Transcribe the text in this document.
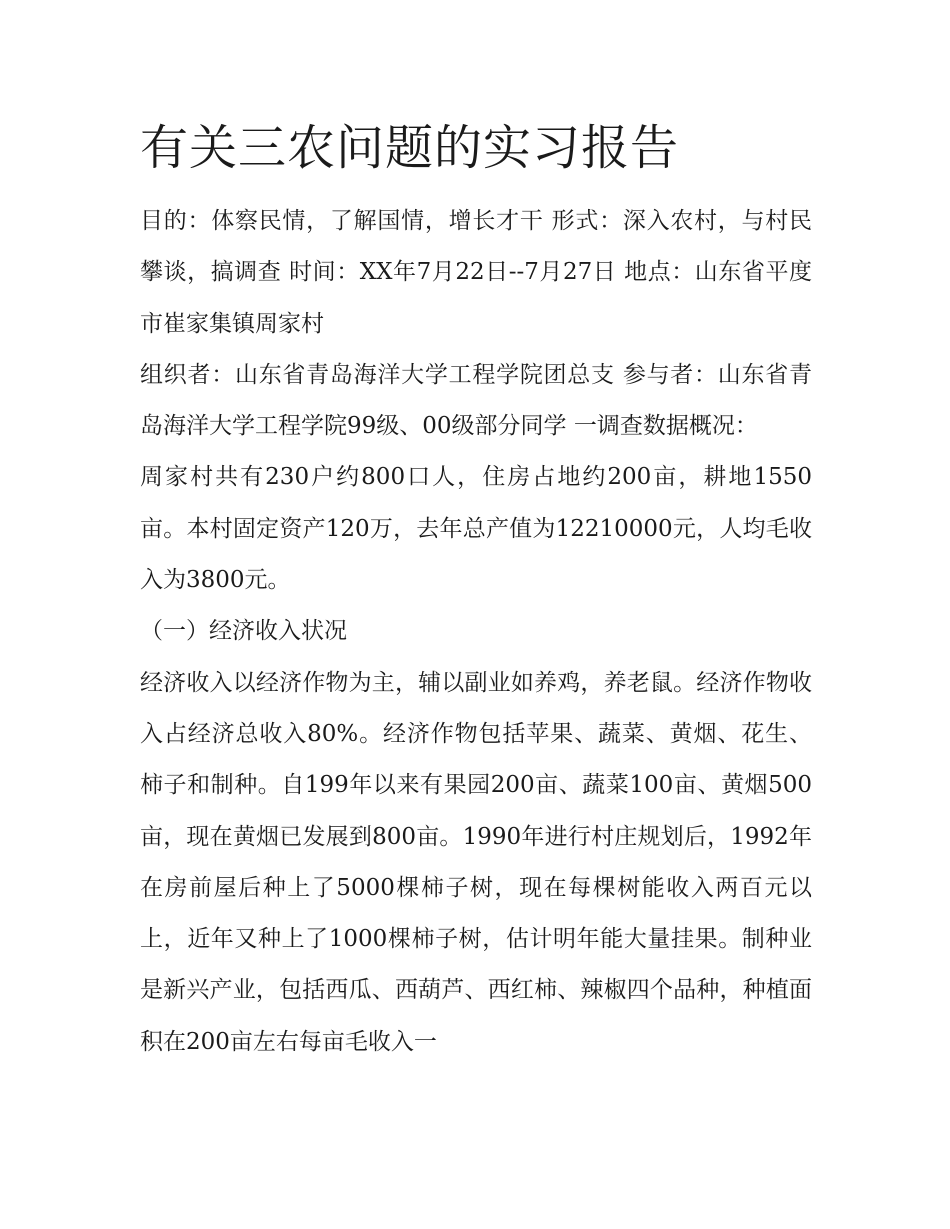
有关三农问题的实习报告

目的：体察民情，了解国情，增长才干 形式：深入农村，与村民攀谈，搞调查 时间：XX年7月22日--7月27日 地点：山东省平度市崔家集镇周家村

组织者：山东省青岛海洋大学工程学院团总支 参与者：山东省青岛海洋大学工程学院99级、00级部分同学 一调查数据概况：

周家村共有230户约800口人，住房占地约200亩，耕地1550亩。本村固定资产120万，去年总产值为12210000元，人均毛收入为3800元。

（一）经济收入状况

经济收入以经济作物为主，辅以副业如养鸡，养老鼠。经济作物收入占经济总收入80%。经济作物包括苹果、蔬菜、黄烟、花生、柿子和制种。自199年以来有果园200亩、蔬菜100亩、黄烟500亩，现在黄烟已发展到800亩。1990年进行村庄规划后，1992年在房前屋后种上了5000棵柿子树，现在每棵树能收入两百元以上，近年又种上了1000棵柿子树，估计明年能大量挂果。制种业是新兴产业，包括西瓜、西葫芦、西红柿、辣椒四个品种，种植面积在200亩左右每亩毛收入一
